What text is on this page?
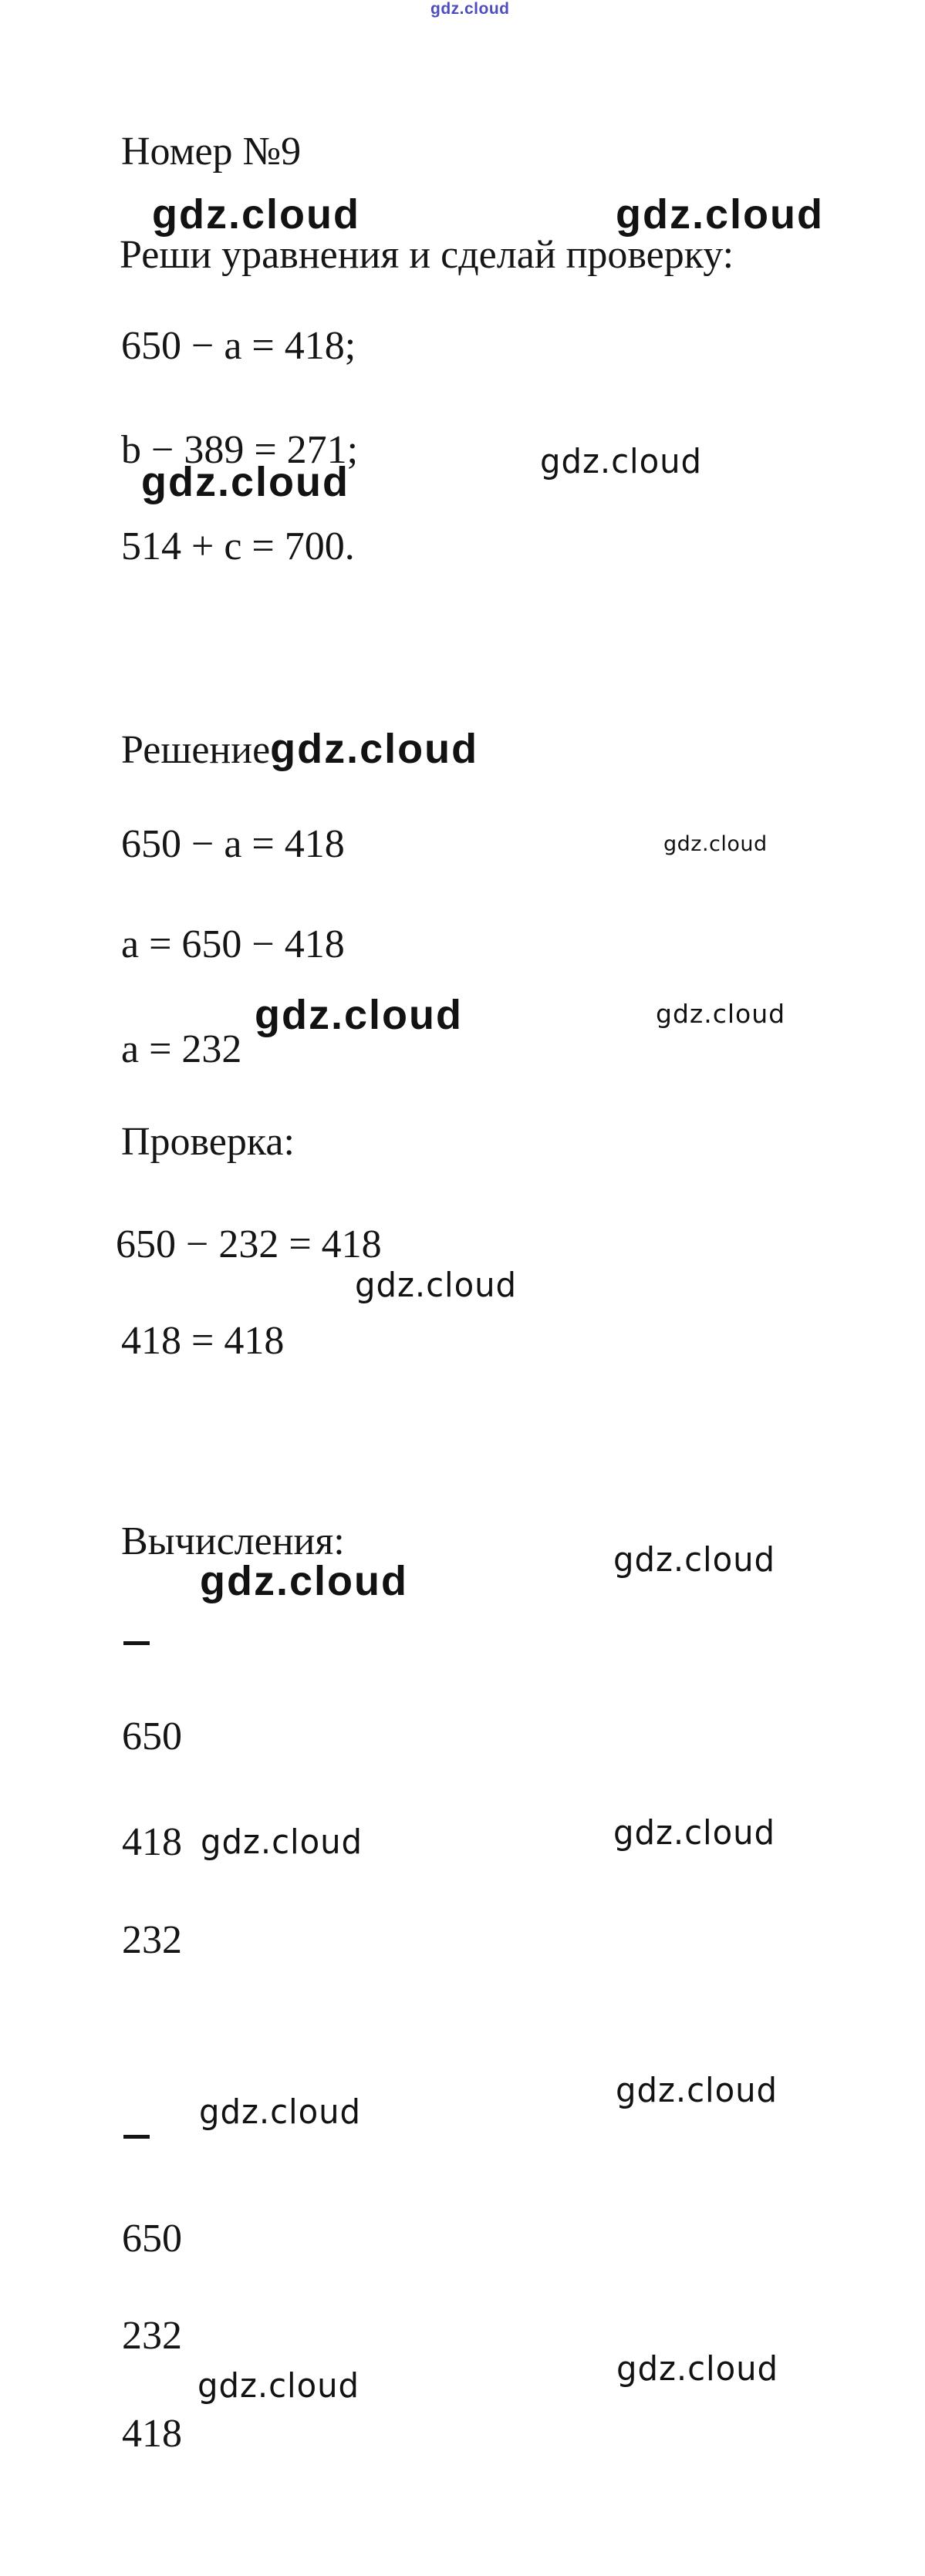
gdz.cloud
Номер №9
gdz.cloud	gdz.cloud
Реши уравнения и сделай проверку:
650 − a = 418;
b − 389 = 271;
gdz.cloud	gdz.cloud
514 + c = 700.
Решение gdz.cloud
650 − a = 418	gdz.cloud
a = 650 − 418
a = 232
gdz.cloud	gdz.cloud
Проверка:
650 − 232 = 418
gdz.cloud
418 = 418
Вычисления:
gdz.cloud	gdz.cloud
650
418 gdz.cloud	gdz.cloud
232
gdz.cloud
gdz.cloud
650
232
gdz.cloud	gdz.cloud
418
